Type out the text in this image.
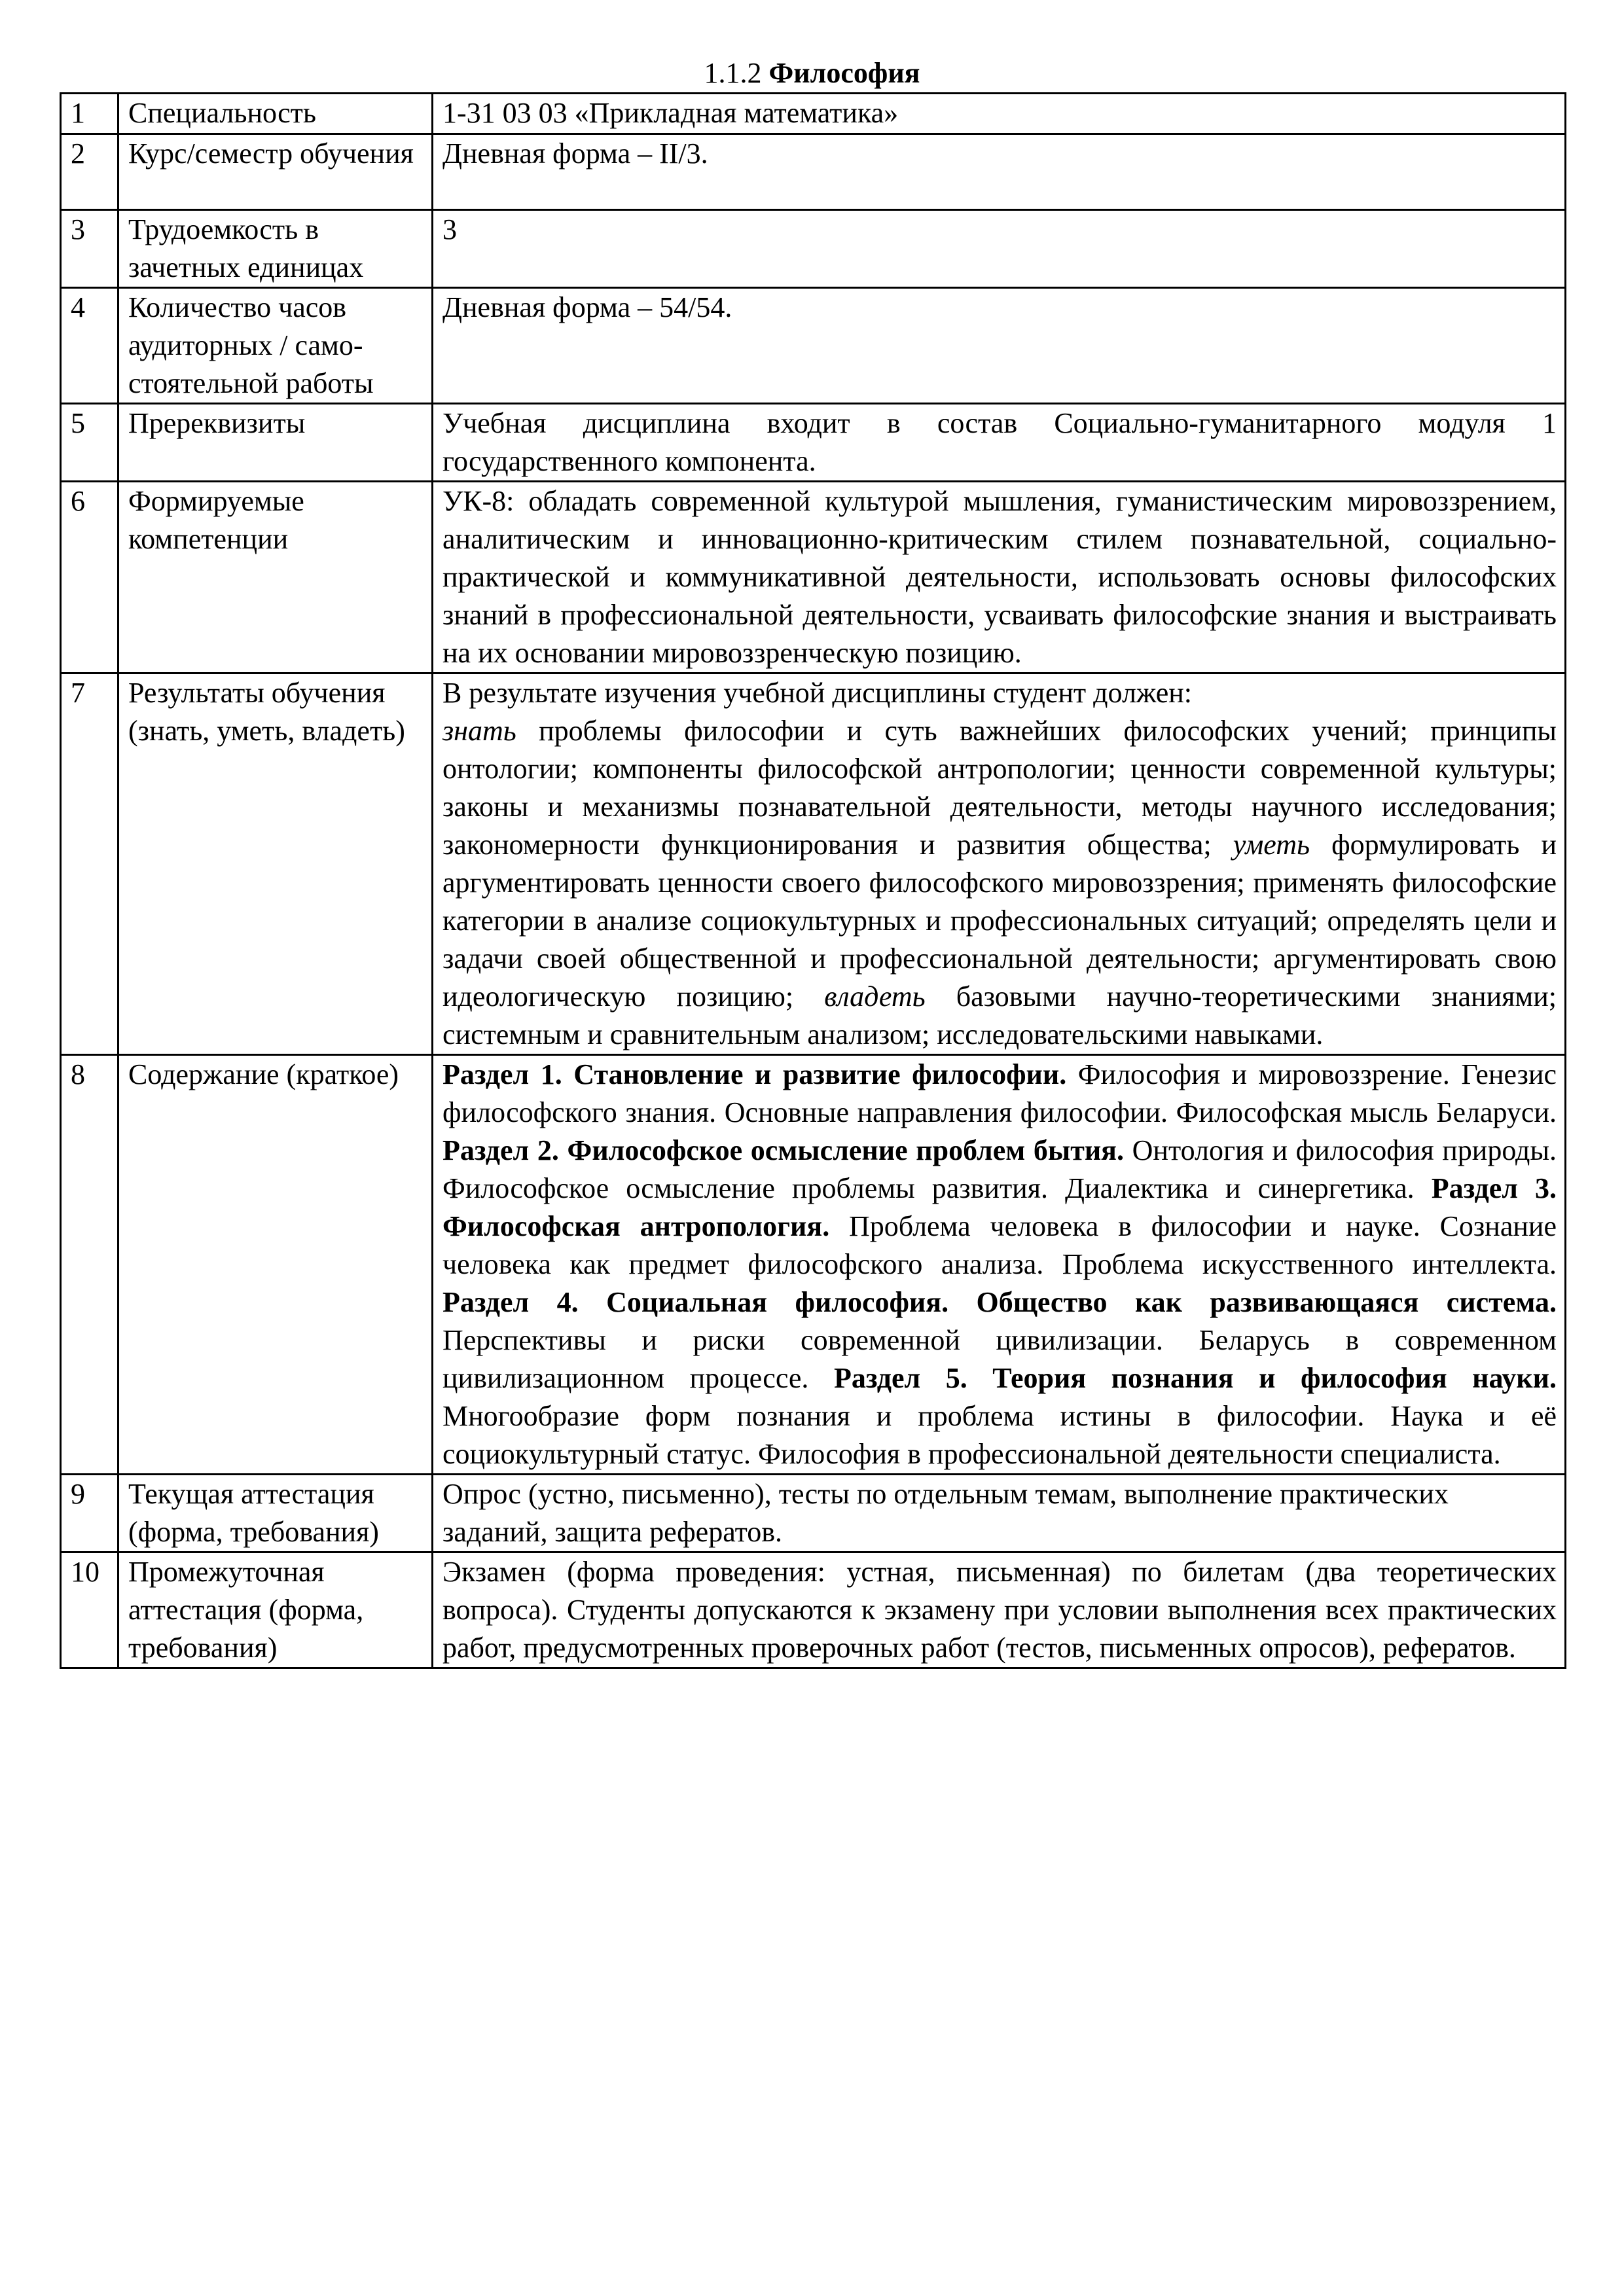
1.1.2 Философия
1	Специальность	1-31 03 03 «Прикладная математика»
2	Курс/семестр обучения	Дневная форма – II/3.
3	Трудоемкость в зачетных единицах	3
4	Количество часов аудиторных / само-стоятельной работы	Дневная форма – 54/54.
5	Пререквизиты	Учебная дисциплина входит в состав Социально-гуманитарного модуля 1 государственного компонента.
6	Формируемые компетенции	УК-8: обладать современной культурой мышления, гуманистическим мировоззрением, аналитическим и инновационно-критическим стилем познавательной, социально-практической и коммуникативной деятельности, использовать основы философских знаний в профессиональной деятельности, усваивать философские знания и выстраивать на их основании мировоззренческую позицию.
7	Результаты обучения (знать, уметь, владеть)	В результате изучения учебной дисциплины студент должен:
знать проблемы философии и суть важнейших философских учений; принципы онтологии; компоненты философской антропологии; ценности современной культуры; законы и механизмы познавательной деятельности, методы научного исследования; закономерности функционирования и развития общества; уметь формулировать и аргументировать ценности своего философского мировоззрения; применять философские категории в анализе социокультурных и профессиональных ситуаций; определять цели и задачи своей общественной и профессиональной деятельности; аргументировать свою идеологическую позицию; владеть базовыми научно-теоретическими знаниями; системным и сравнительным анализом; исследовательскими навыками.
8	Содержание (краткое)	Раздел 1. Становление и развитие философии. Философия и мировоззрение. Генезис философского знания. Основные направления философии. Философская мысль Беларуси. Раздел 2. Философское осмысление проблем бытия. Онтология и философия природы. Философское осмысление проблемы развития. Диалектика и синергетика. Раздел 3. Философская антропология. Проблема человека в философии и науке. Сознание человека как предмет философского анализа. Проблема искусственного интеллекта. Раздел 4. Социальная философия. Общество как развивающаяся система. Перспективы и риски современной цивилизации. Беларусь в современном цивилизационном процессе. Раздел 5. Теория познания и философия науки. Многообразие форм познания и проблема истины в философии. Наука и её социокультурный статус. Философия в профессиональной деятельности специалиста.
9	Текущая аттестация (форма, требования)	Опрос (устно, письменно), тесты по отдельным темам, выполнение практических заданий, защита рефератов.
10	Промежуточная аттестация (форма, требования)	Экзамен (форма проведения: устная, письменная) по билетам (два теоретических вопроса). Студенты допускаются к экзамену при условии выполнения всех практических работ, предусмотренных проверочных работ (тестов, письменных опросов), рефератов.
